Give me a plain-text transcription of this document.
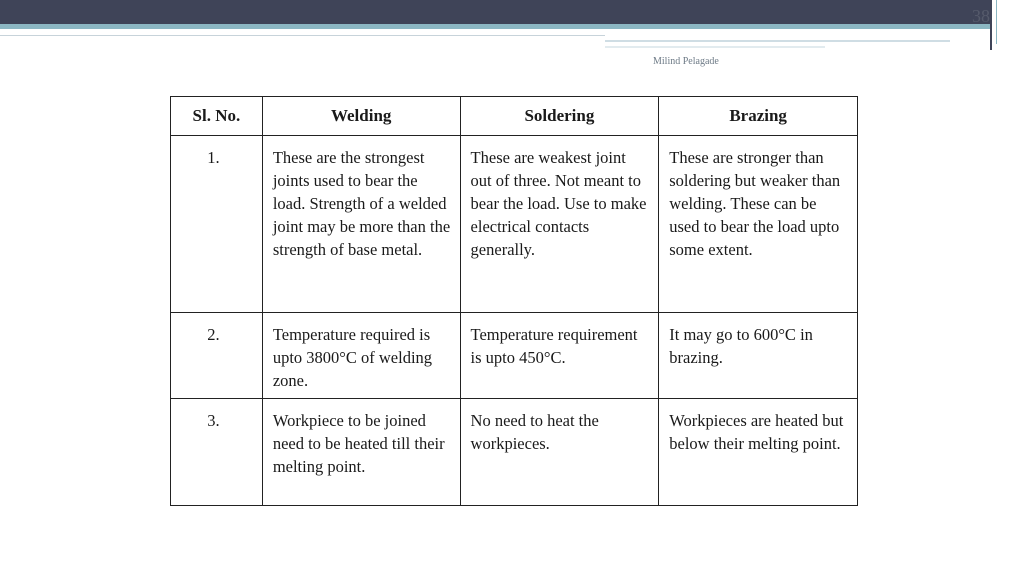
38
Milind Pelagade
Sl. No.	Welding	Soldering	Brazing
1.	These are the strongest joints used to bear the load. Strength of a welded joint may be more than the strength of base metal.	These are weakest joint out of three. Not meant to bear the load. Use to make electrical contacts generally.	These are stronger than soldering but weaker than welding. These can be used to bear the load upto some extent.
2.	Temperature required is upto 3800°C of welding zone.	Temperature requirement is upto 450°C.	It may go to 600°C in brazing.
3.	Workpiece to be joined need to be heated till their melting point.	No need to heat the workpieces.	Workpieces are heated but below their melting point.
